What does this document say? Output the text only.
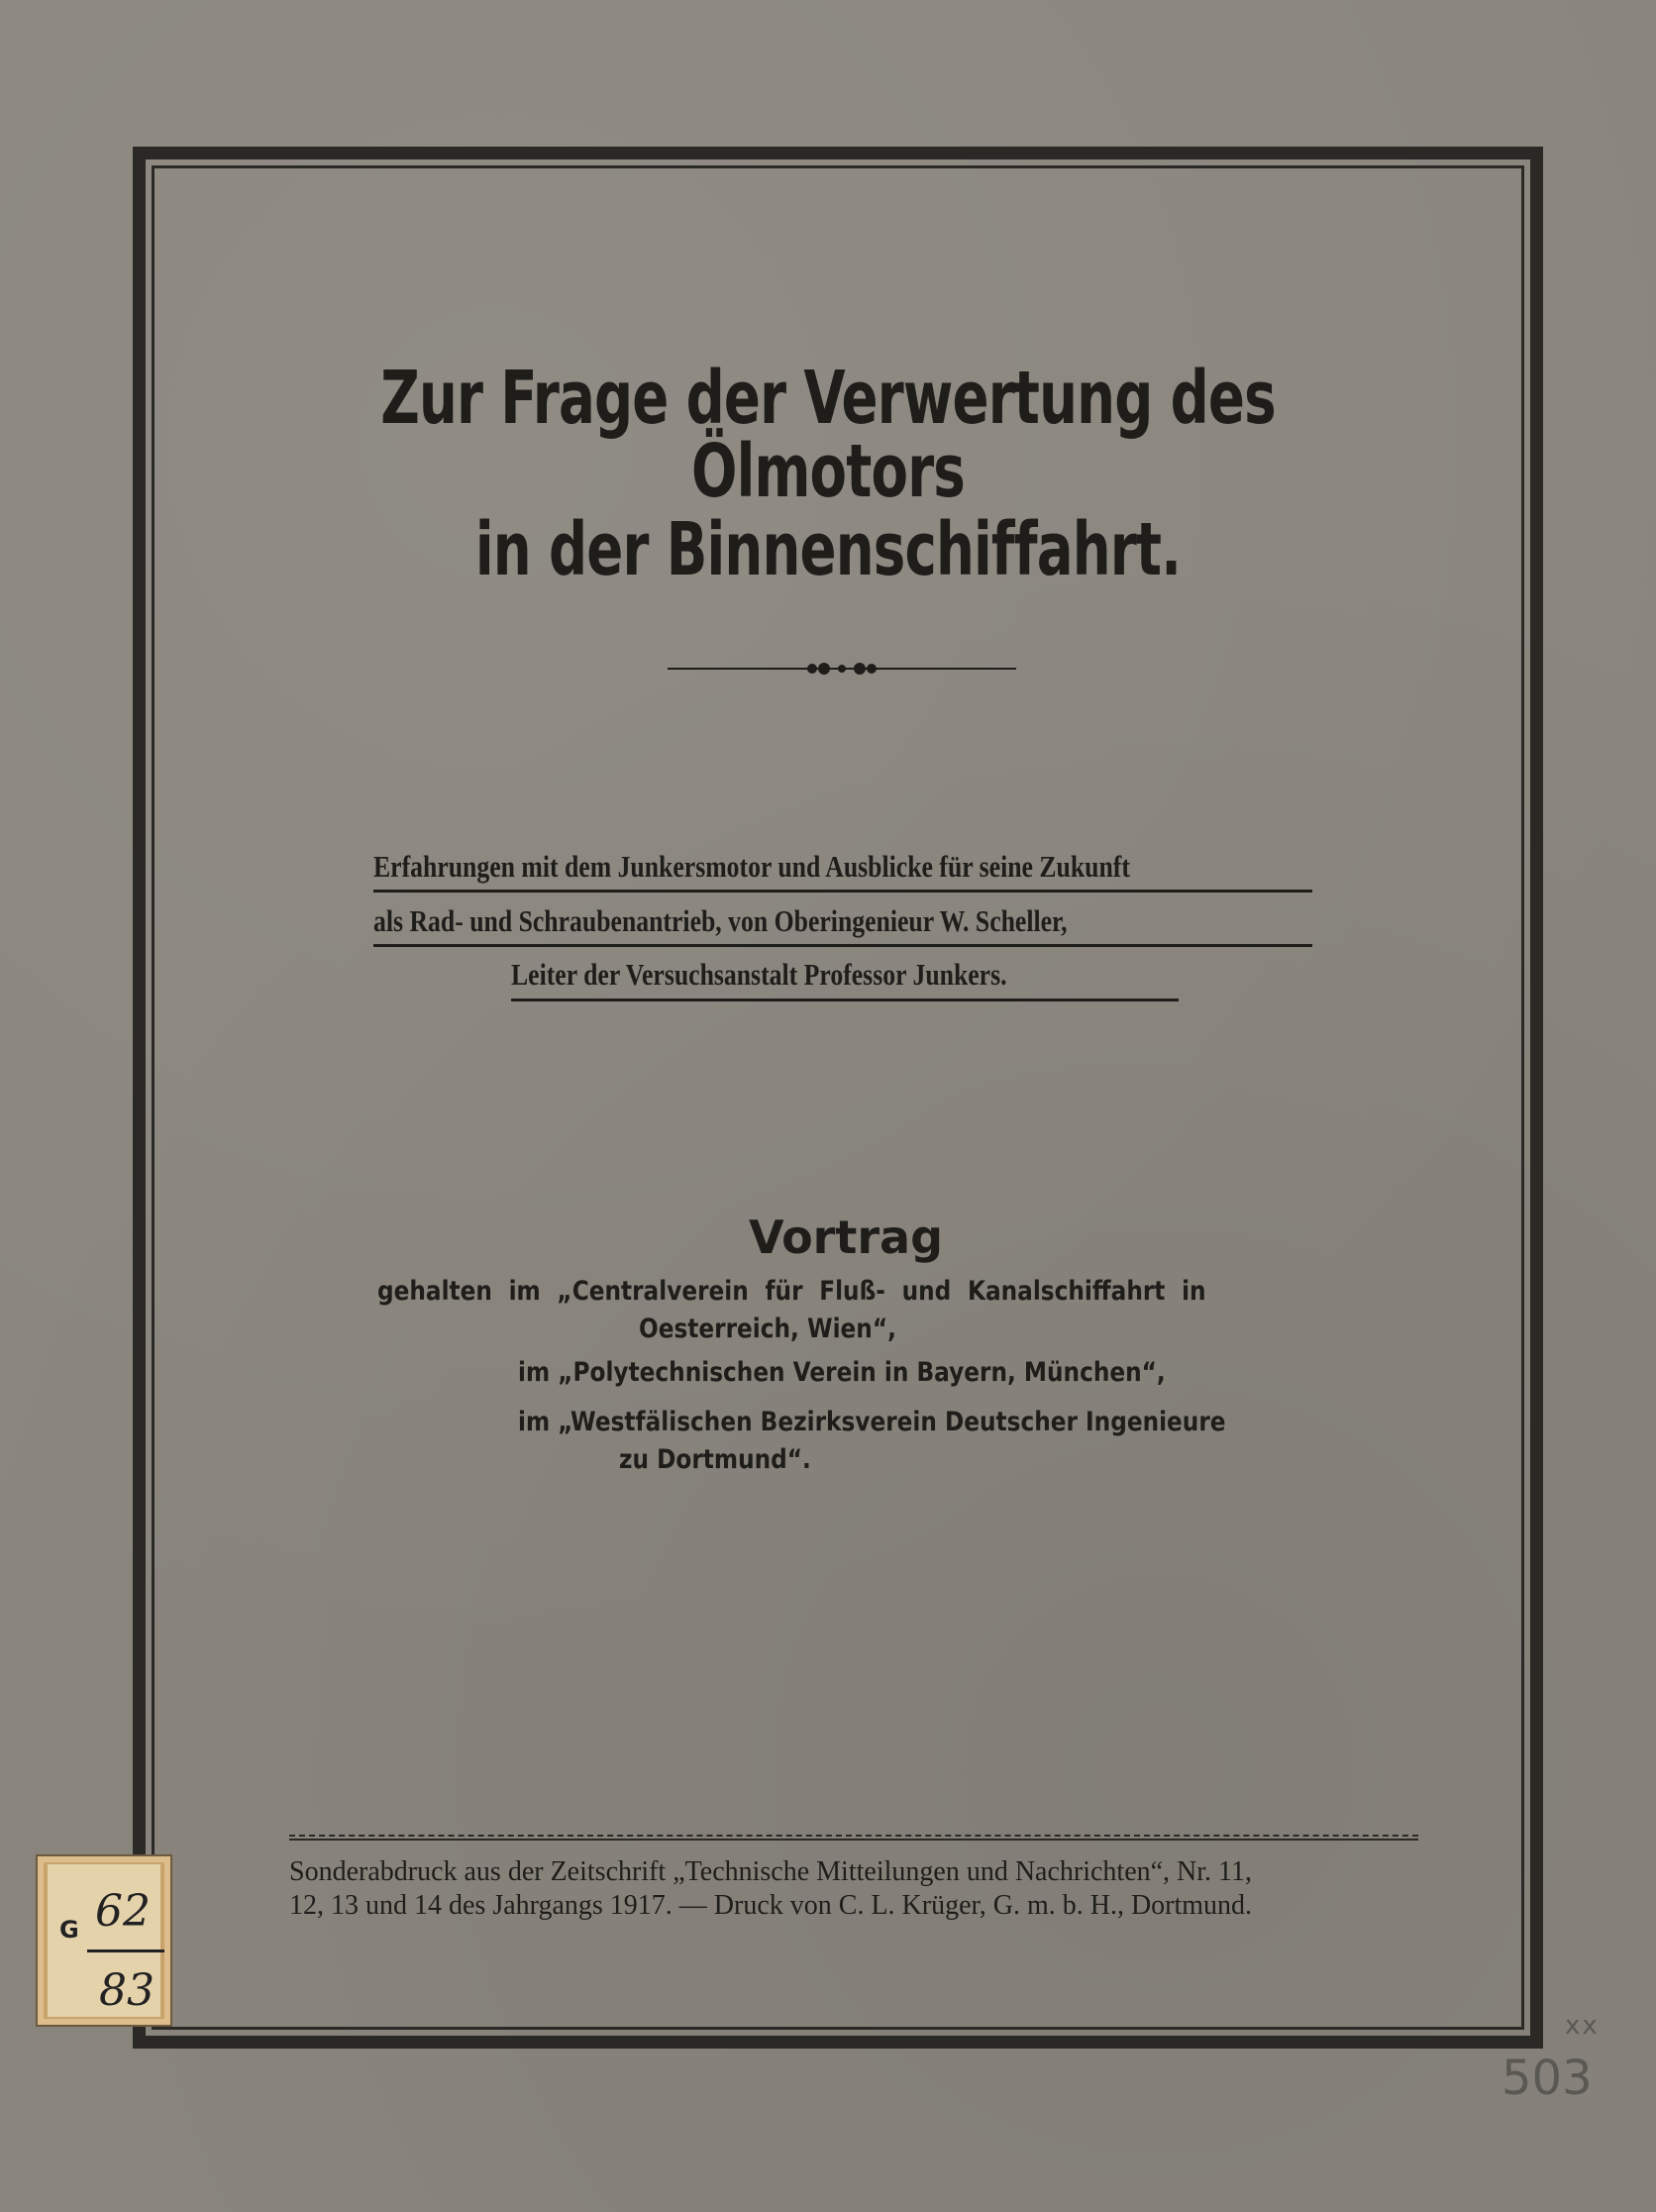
Zur Frage der Verwertung des Ölmotors
in der Binnenschiffahrt.
Erfahrungen mit dem Junkersmotor und Ausblicke für seine Zukunft
als Rad- und Schraubenantrieb, von Oberingenieur W. Scheller,
Leiter der Versuchsanstalt Professor Junkers.
Vortrag
gehalten im „Centralverein für Fluß- und Kanalschiffahrt in
Oesterreich, Wien“,
im „Polytechnischen Verein in Bayern, München“,
im „Westfälischen Bezirksverein Deutscher Ingenieure
zu Dortmund“.
Sonderabdruck aus der Zeitschrift „Technische Mitteilungen und Nachrichten“, Nr. 11,
12, 13 und 14 des Jahrgangs 1917. — Druck von C. L. Krüger, G. m. b. H., Dortmund.
G 62
83
xx
503
